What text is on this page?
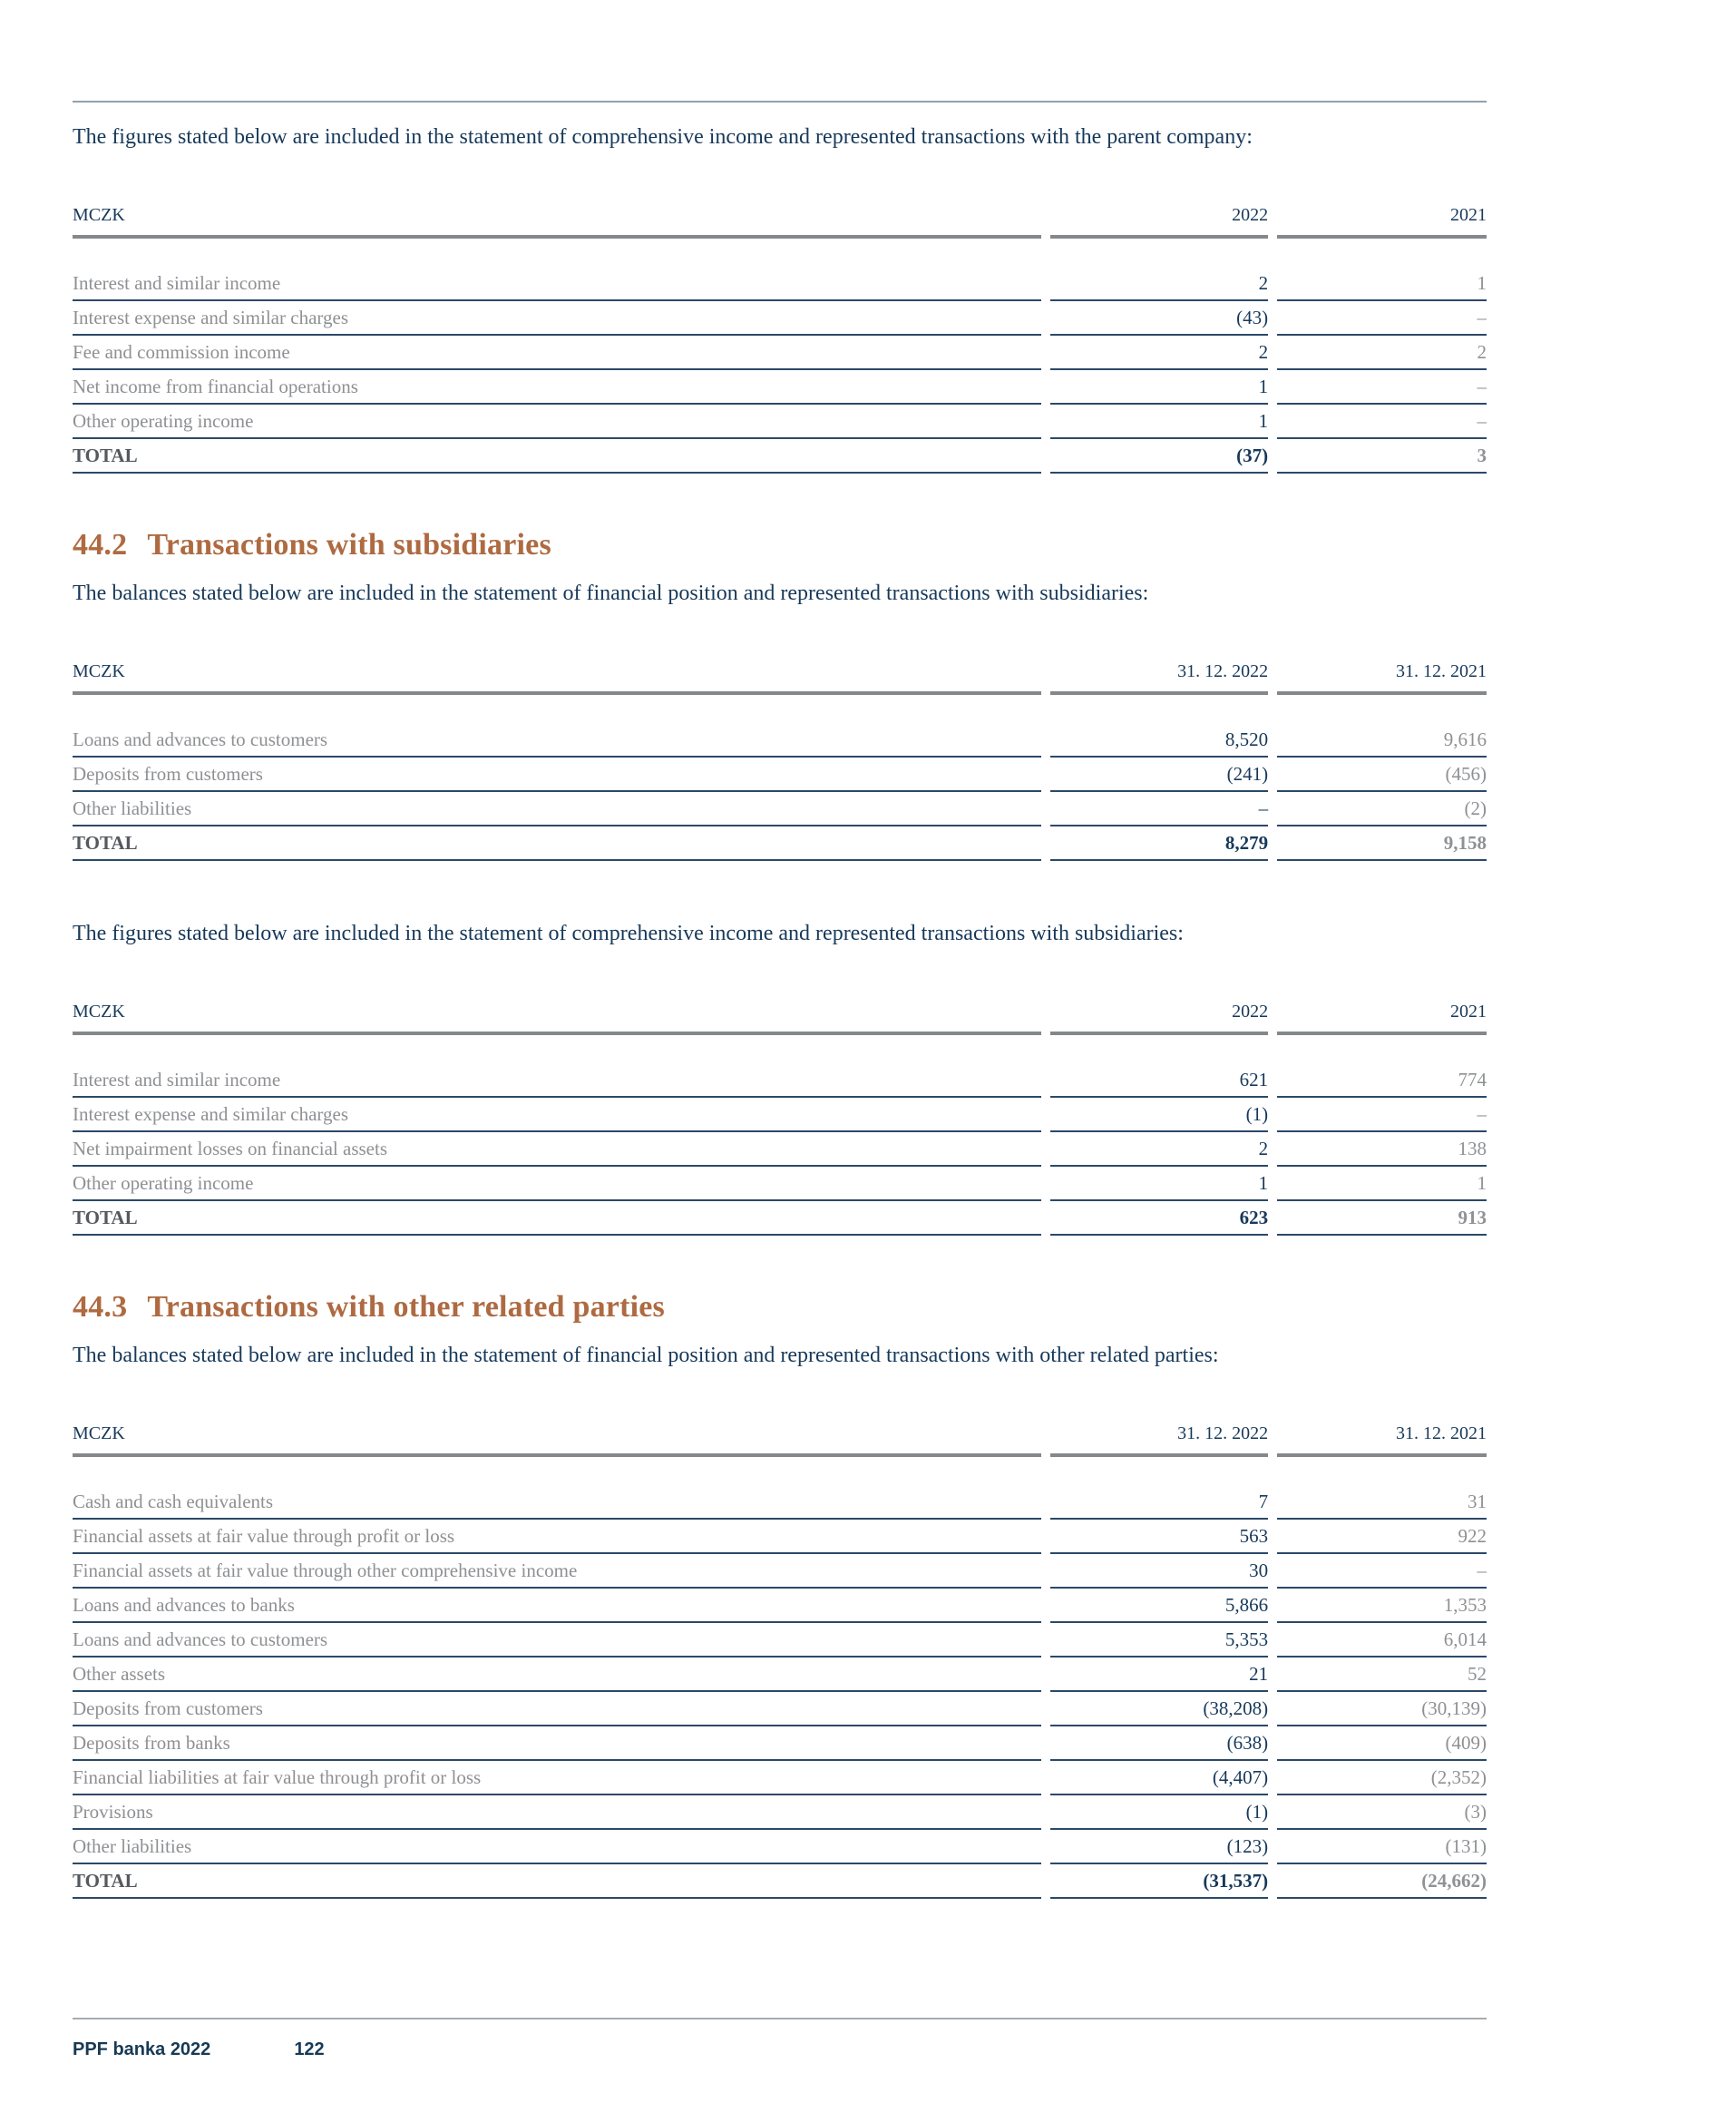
The figures stated below are included in the statement of comprehensive income and represented transactions with the parent company:

MCZK	2022	2021
Interest and similar income	2	1
Interest expense and similar charges	(43)	–
Fee and commission income	2	2
Net income from financial operations	1	–
Other operating income	1	–
TOTAL	(37)	3
44.2 Transactions with subsidiaries

The balances stated below are included in the statement of financial position and represented transactions with subsidiaries:

MCZK	31. 12. 2022	31. 12. 2021
Loans and advances to customers	8,520	9,616
Deposits from customers	(241)	(456)
Other liabilities	–	(2)
TOTAL	8,279	9,158

The figures stated below are included in the statement of comprehensive income and represented transactions with subsidiaries:

MCZK	2022	2021
Interest and similar income	621	774
Interest expense and similar charges	(1)	–
Net impairment losses on financial assets	2	138
Other operating income	1	1
TOTAL	623	913
44.3 Transactions with other related parties

The balances stated below are included in the statement of financial position and represented transactions with other related parties:

MCZK	31. 12. 2022	31. 12. 2021
Cash and cash equivalents	7	31
Financial assets at fair value through profit or loss	563	922
Financial assets at fair value through other comprehensive income	30	–
Loans and advances to banks	5,866	1,353
Loans and advances to customers	5,353	6,014
Other assets	21	52
Deposits from customers	(38,208)	(30,139)
Deposits from banks	(638)	(409)
Financial liabilities at fair value through profit or loss	(4,407)	(2,352)
Provisions	(1)	(3)
Other liabilities	(123)	(131)
TOTAL	(31,537)	(24,662)
PPF banka 2022	122
